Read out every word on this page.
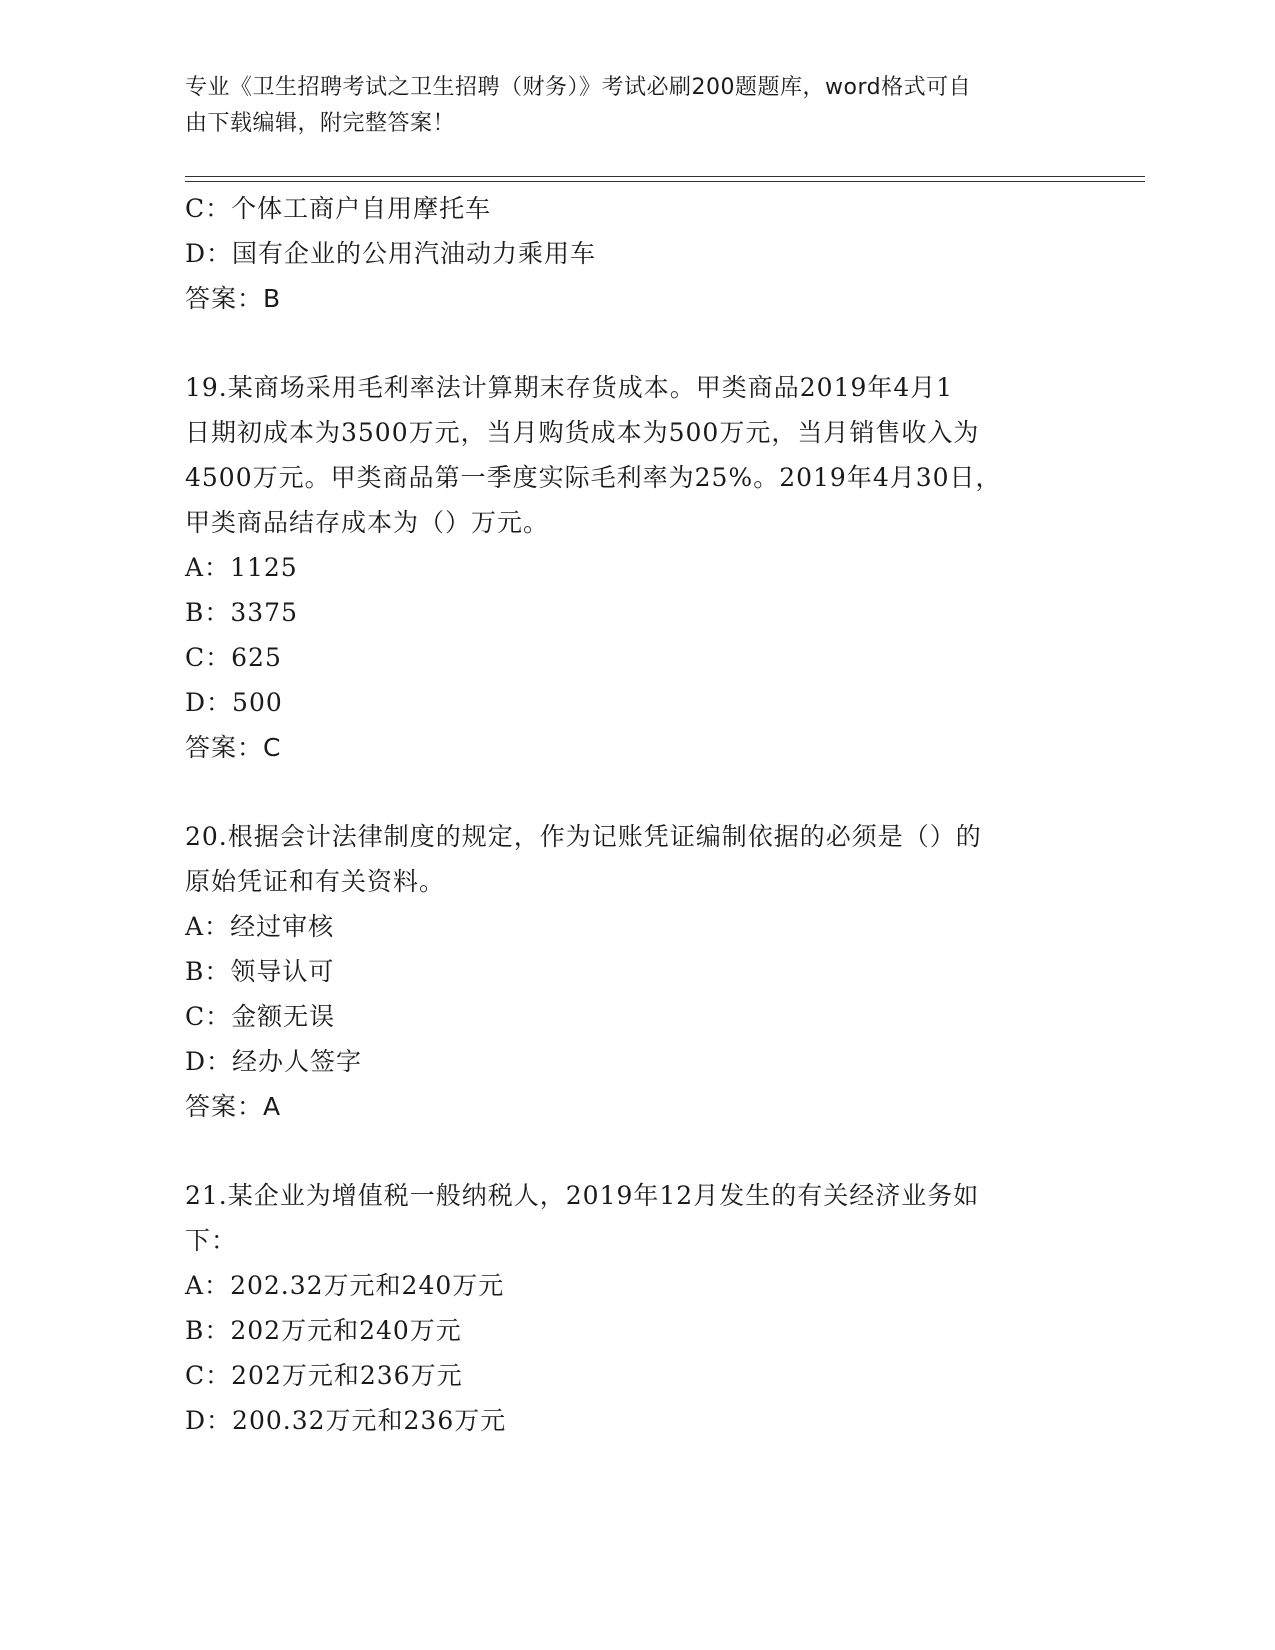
专业《卫生招聘考试之卫生招聘（财务）》考试必刷200题题库，word格式可自
由下载编辑，附完整答案！
C：个体工商户自用摩托车
D：国有企业的公用汽油动力乘用车
答案：B
19.某商场采用毛利率法计算期末存货成本。甲类商品2019年4月1
日期初成本为3500万元，当月购货成本为500万元，当月销售收入为
4500万元。甲类商品第一季度实际毛利率为25%。2019年4月30日，
甲类商品结存成本为（）万元。
A：1125
B：3375
C：625
D：500
答案：C
20.根据会计法律制度的规定，作为记账凭证编制依据的必须是（）的
原始凭证和有关资料。
A：经过审核
B：领导认可
C：金额无误
D：经办人签字
答案：A
21.某企业为增值税一般纳税人，2019年12月发生的有关经济业务如
下：
A：202.32万元和240万元
B：202万元和240万元
C：202万元和236万元
D：200.32万元和236万元
